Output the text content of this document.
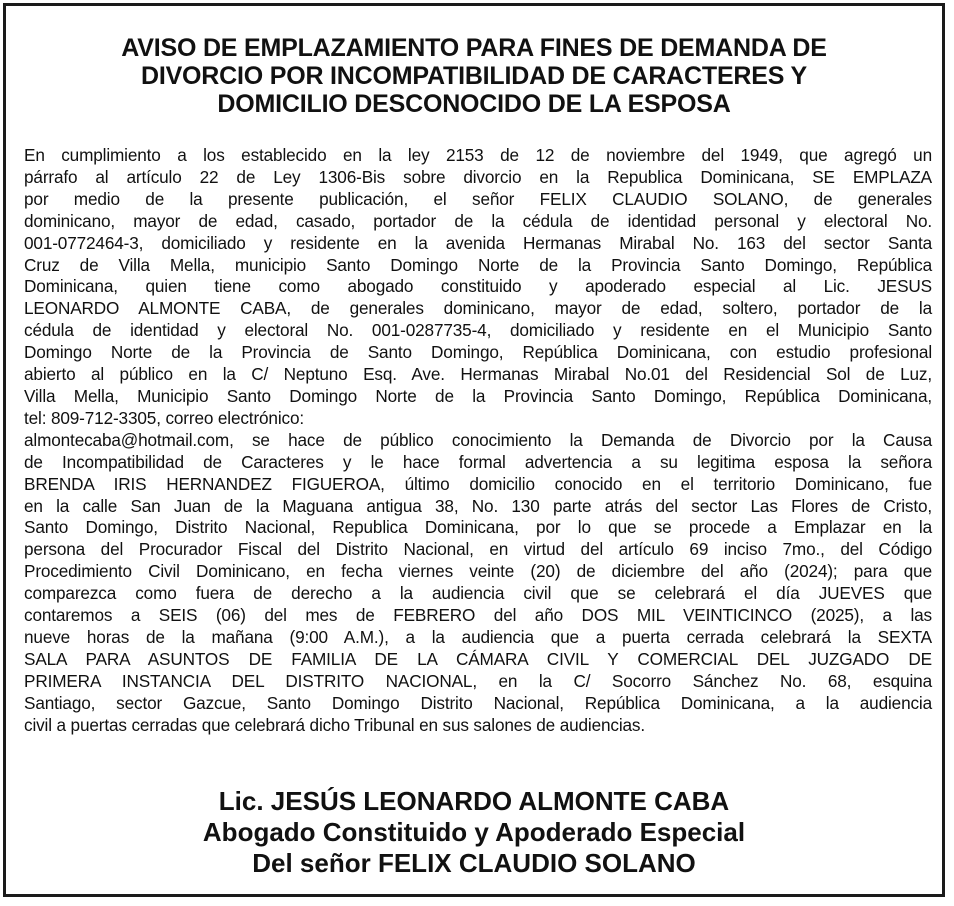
AVISO DE EMPLAZAMIENTO PARA FINES DE DEMANDA DE
DIVORCIO POR INCOMPATIBILIDAD DE CARACTERES Y
DOMICILIO DESCONOCIDO DE LA ESPOSA
En cumplimiento a los establecido en la ley 2153 de 12 de noviembre del 1949, que agregó un
párrafo al artículo 22 de Ley 1306-Bis sobre divorcio en la Republica Dominicana, SE EMPLAZA
por medio de la presente publicación, el señor FELIX CLAUDIO SOLANO, de generales
dominicano, mayor de edad, casado, portador de la cédula de identidad personal y electoral No.
001-0772464-3, domiciliado y residente en la avenida Hermanas Mirabal No. 163 del sector Santa
Cruz de Villa Mella, municipio Santo Domingo Norte de la Provincia Santo Domingo, República
Dominicana, quien tiene como abogado constituido y apoderado especial al Lic. JESUS
LEONARDO ALMONTE CABA, de generales dominicano, mayor de edad, soltero, portador de la
cédula de identidad y electoral No. 001-0287735-4, domiciliado y residente en el Municipio Santo
Domingo Norte de la Provincia de Santo Domingo, República Dominicana, con estudio profesional
abierto al público en la C/ Neptuno Esq. Ave. Hermanas Mirabal No.01 del Residencial Sol de Luz,
Villa Mella, Municipio Santo Domingo Norte de la Provincia Santo Domingo, República Dominicana,
tel: 809-712-3305, correo electrónico:
almontecaba@hotmail.com, se hace de público conocimiento la Demanda de Divorcio por la Causa
de Incompatibilidad de Caracteres y le hace formal advertencia a su legitima esposa la señora
BRENDA IRIS HERNANDEZ FIGUEROA, último domicilio conocido en el territorio Dominicano, fue
en la calle San Juan de la Maguana antigua 38, No. 130 parte atrás del sector Las Flores de Cristo,
Santo Domingo, Distrito Nacional, Republica Dominicana, por lo que se procede a Emplazar en la
persona del Procurador Fiscal del Distrito Nacional, en virtud del artículo 69 inciso 7mo., del Código
Procedimiento Civil Dominicano, en fecha viernes veinte (20) de diciembre del año (2024); para que
comparezca como fuera de derecho a la audiencia civil que se celebrará el día JUEVES que
contaremos a SEIS (06) del mes de FEBRERO del año DOS MIL VEINTICINCO (2025), a las
nueve horas de la mañana (9:00 A.M.), a la audiencia que a puerta cerrada celebrará la SEXTA
SALA PARA ASUNTOS DE FAMILIA DE LA CÁMARA CIVIL Y COMERCIAL DEL JUZGADO DE
PRIMERA INSTANCIA DEL DISTRITO NACIONAL, en la C/ Socorro Sánchez No. 68, esquina
Santiago, sector Gazcue, Santo Domingo Distrito Nacional, República Dominicana, a la audiencia
civil a puertas cerradas que celebrará dicho Tribunal en sus salones de audiencias.
Lic. JESÚS LEONARDO ALMONTE CABA
Abogado Constituido y Apoderado Especial
Del señor FELIX CLAUDIO SOLANO
